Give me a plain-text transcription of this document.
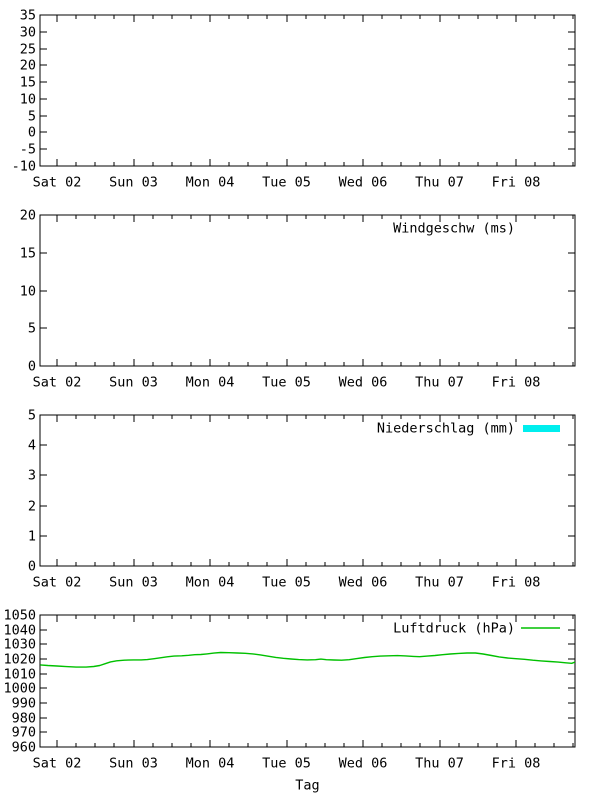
-10
-5
0
5
10
15
20
25
30
35
Sat 02 Sun 03 Mon 04 Tue 05 Wed 06 Thu 07 Fri 08
0
5
10
15
20
Sat 02 Sun 03 Mon 04 Tue 05 Wed 06 Thu 07 Fri 08
Windgeschw (ms)
0
1
2
3
4
5
Sat 02 Sun 03 Mon 04 Tue 05 Wed 06 Thu 07 Fri 08
Niederschlag (mm)
960
970
980
990
1000
1010
1020
1030
1040
1050
Sat 02 Sun 03 Mon 04 Tue 05 Wed 06 Thu 07 Fri 08
Luftdruck (hPa)
Tag
